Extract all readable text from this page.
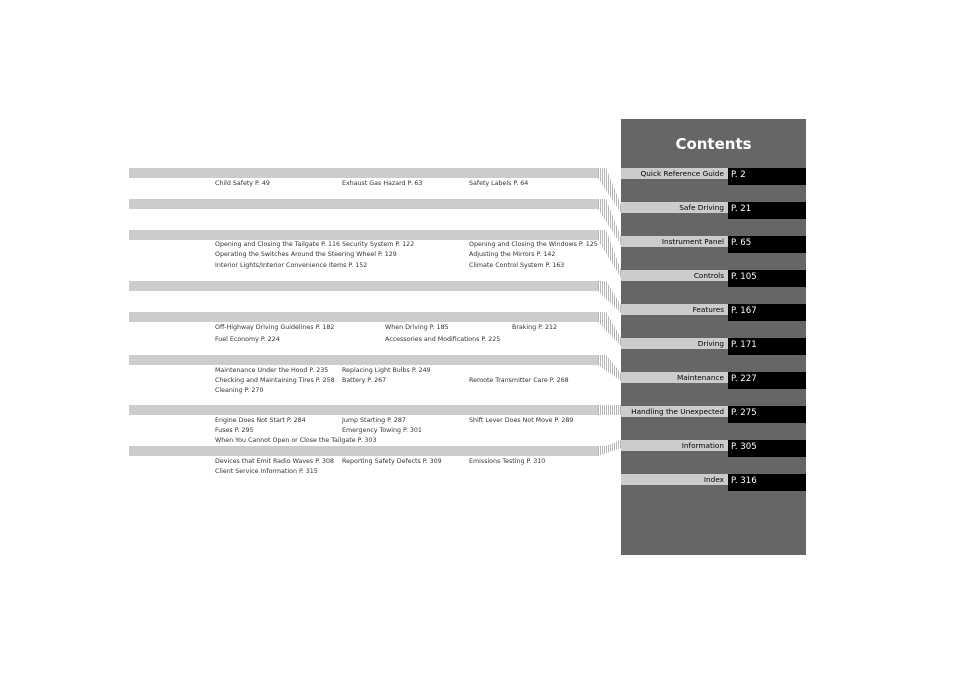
Child Safety P. 49	Exhaust Gas Hazard P. 63	Safety Labels P. 64
Opening and Closing the Tailgate P. 116 Security System P. 122	Opening and Closing the Windows P. 125
Operating the Switches Around the Steering Wheel P. 129	Adjusting the Mirrors P. 142
Interior Lights/Interior Convenience Items P. 152	Climate Control System P. 163
Off-Highway Driving Guidelines P. 182	When Driving P. 185	Braking P. 212
Fuel Economy P. 224	Accessories and Modifications P. 225
Maintenance Under the Hood P. 235 Replacing Light Bulbs P. 249
Checking and Maintaining Tires P. 258 Battery P. 267	Remote Transmitter Care P. 268
Cleaning P. 270
Engine Does Not Start P. 284	Jump Starting P. 287	Shift Lever Does Not Move P. 289
Fuses P. 295	Emergency Towing P. 301
When You Cannot Open or Close the Tailgate P. 303
Devices that Emit Radio Waves P. 308 Reporting Safety Defects P. 309	Emissions Testing P. 310
Client Service Information P. 315
Contents
Quick Reference Guide P. 2
Safe Driving P. 21
Instrument Panel P. 65
Controls P. 105
Features P. 167
Driving P. 171
Maintenance P. 227
Handling the Unexpected P. 275
Information P. 305
Index P. 316
